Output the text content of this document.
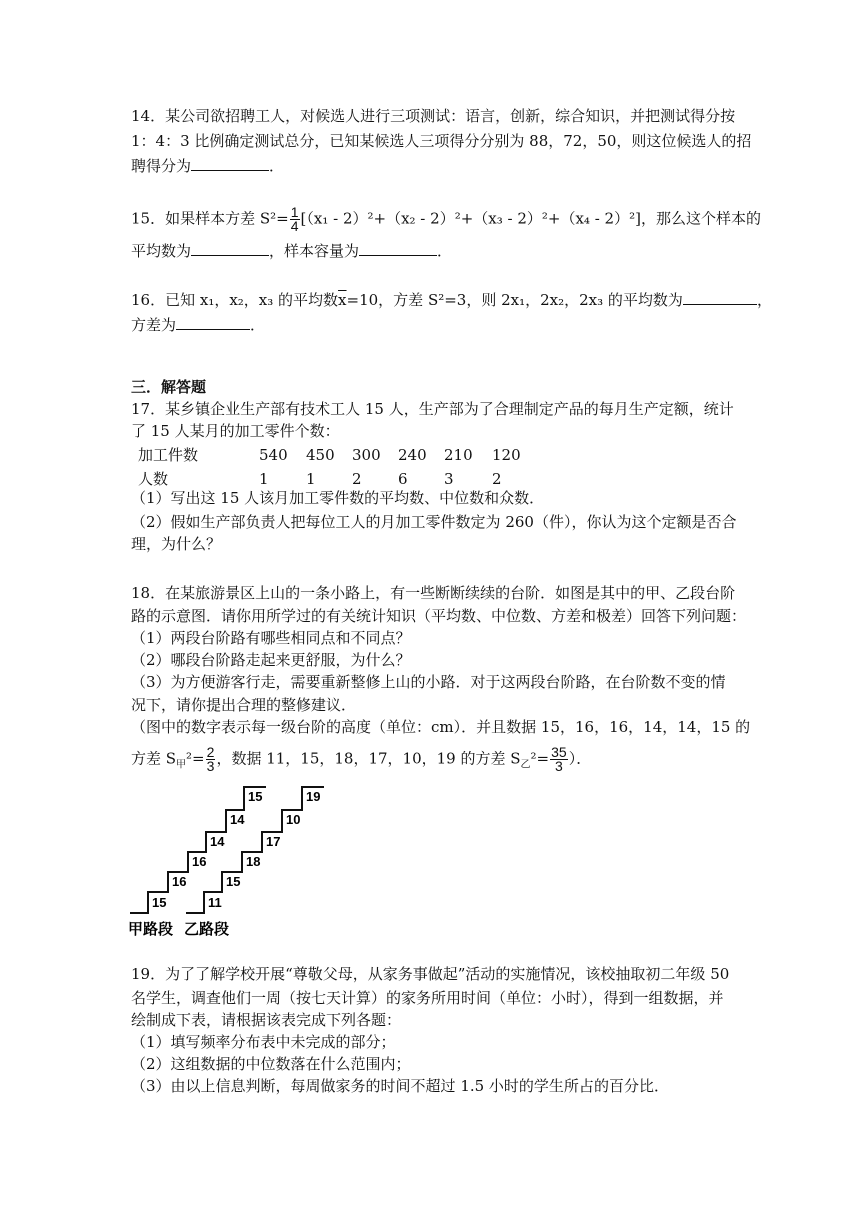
14．某公司欲招聘工人，对候选人进行三项测试：语言，创新，综合知识，并把测试得分按
1：4：3 比例确定测试总分，已知某候选人三项得分分别为 88，72，50，则这位候选人的招
聘得分为	．
15．如果样本方差 $S^2= \frac{1}{4} [(x_1 - 2)^2+(x_2 - 2)^2+(x_3 - 2)^2+(x_4 - 2)^2]$，那么这个样本的
平均数为	，样本容量为	．
16．已知 x₁，x₂，x₃ 的平均数$\overline{x}=10$，方差 S²=3，则 2x₁，2x₂，2x₃ 的平均数为	，
方差为	．
三．解答题
17．某乡镇企业生产部有技术工人 15 人，生产部为了合理制定产品的每月生产定额，统计
了 15 人某月的加工零件个数：
加工件数	540 450 300 240 210 120
人数	1 1 2 6 3	2
（1）写出这 15 人该月加工零件数的平均数、中位数和众数．
（2）假如生产部负责人把每位工人的月加工零件数定为 260（件），你认为这个定额是否合
理，为什么？
18．在某旅游景区上山的一条小路上，有一些断断续续的台阶．如图是其中的甲、乙段台阶
路的示意图．请你用所学过的有关统计知识（平均数、中位数、方差和极差）回答下列问题：
（1）两段台阶路有哪些相同点和不同点？
（2）哪段台阶路走起来更舒服，为什么？
（3）为方便游客行走，需要重新整修上山的小路．对于这两段台阶路，在台阶数不变的情
况下，请你提出合理的整修建议．
（图中的数字表示每一级台阶的高度（单位：cm）．并且数据 15，16，16，14，14，15 的
方差 $S_甲^2= \frac{2}{3}$ ，数据 11，15，18，17，10，19 的方差 $S_乙^2= \frac{35}{3}$ ）．
15
16
16
14
14
15
11
15
18
17
10
19
甲路段 乙路段
19．为了了解学校开展“尊敬父母，从家务事做起”活动的实施情况，该校抽取初二年级 50
名学生，调查他们一周（按七天计算）的家务所用时间（单位：小时），得到一组数据，并
绘制成下表，请根据该表完成下列各题：
（1）填写频率分布表中未完成的部分；
（2）这组数据的中位数落在什么范围内；
（3）由以上信息判断，每周做家务的时间不超过 1.5 小时的学生所占的百分比．
